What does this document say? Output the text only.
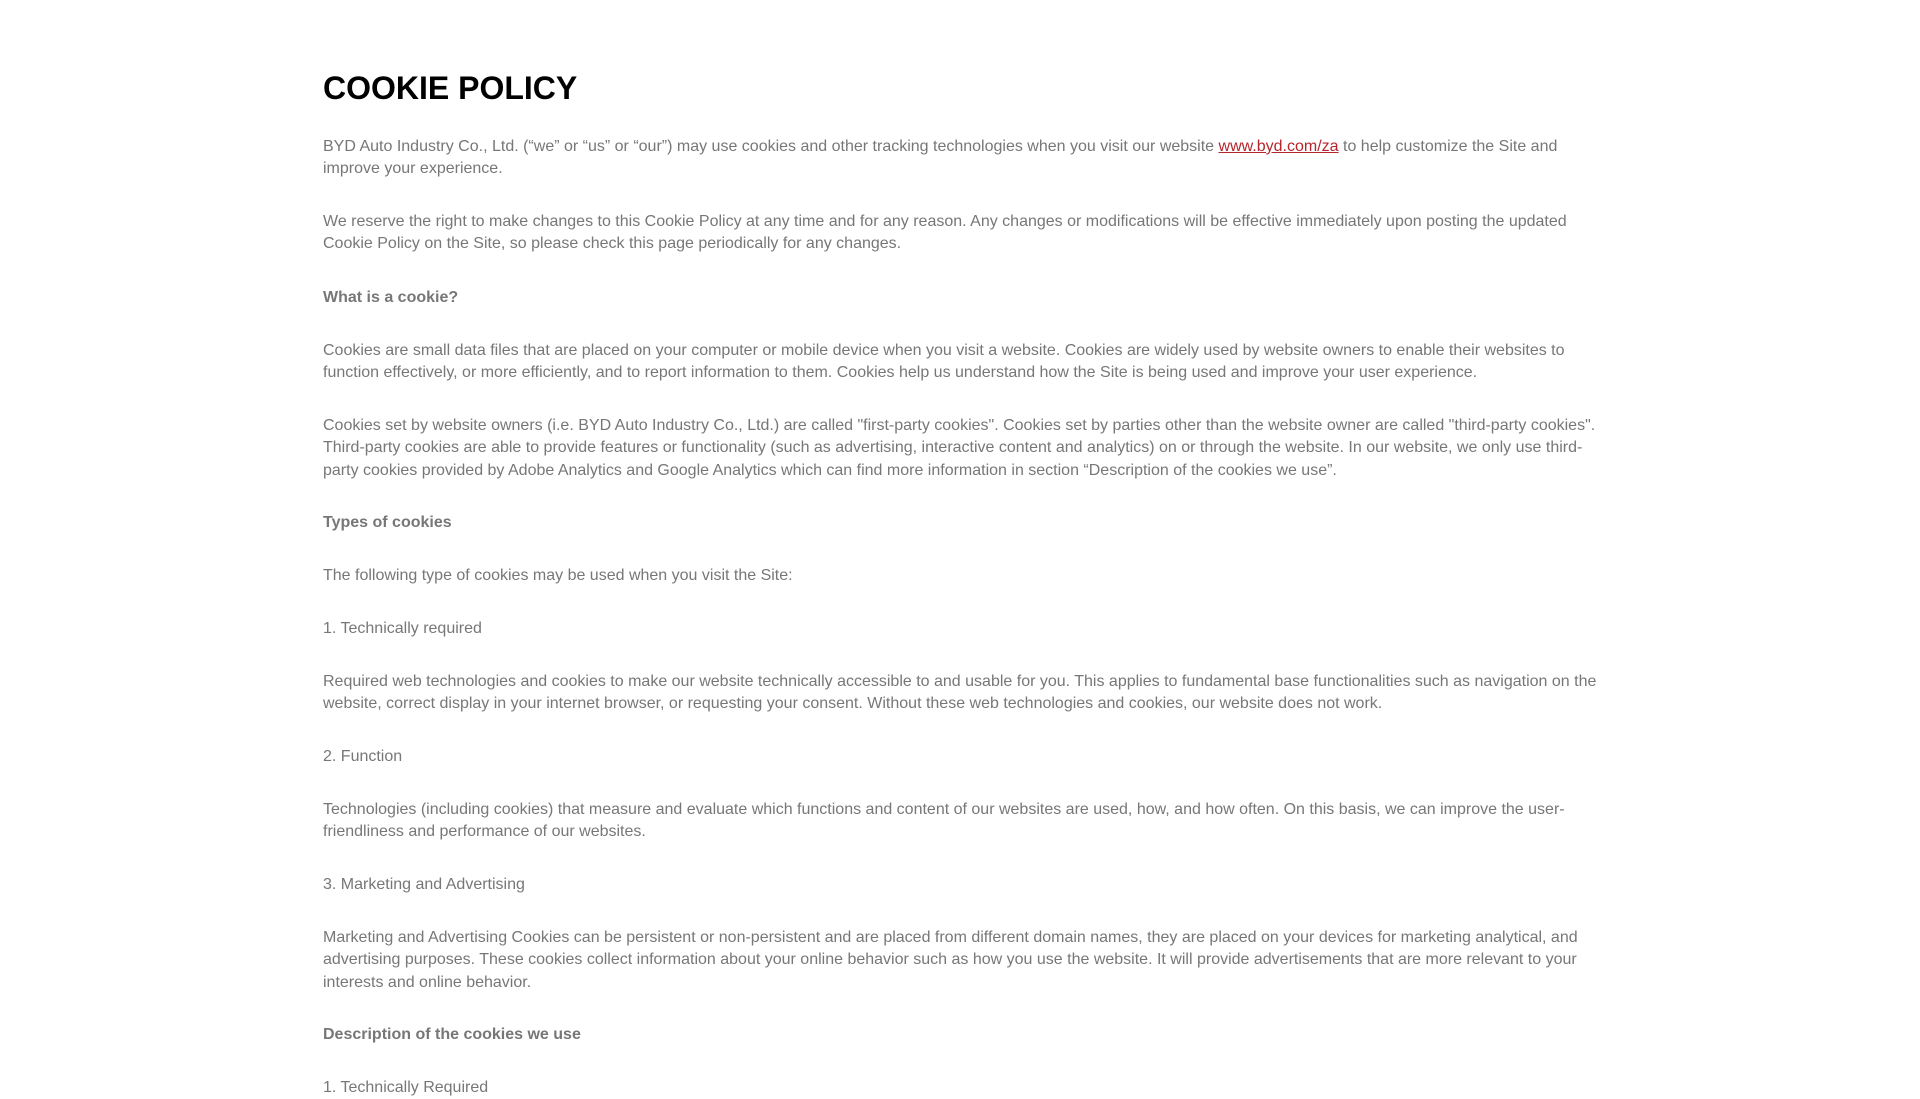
COOKIE POLICY

BYD Auto Industry Co., Ltd. (“we” or “us” or “our”) may use cookies and other tracking technologies when you visit our website www.byd.com/za to help customize the Site and improve your experience.

We reserve the right to make changes to this Cookie Policy at any time and for any reason. Any changes or modifications will be effective immediately upon posting the updated Cookie Policy on the Site, so please check this page periodically for any changes.

What is a cookie?

Cookies are small data files that are placed on your computer or mobile device when you visit a website. Cookies are widely used by website owners to enable their websites to function effectively, or more efficiently, and to report information to them. Cookies help us understand how the Site is being used and improve your user experience.

Cookies set by website owners (i.e. BYD Auto Industry Co., Ltd.) are called "first-party cookies". Cookies set by parties other than the website owner are called "third-party cookies". Third-party cookies are able to provide features or functionality (such as advertising, interactive content and analytics) on or through the website. In our website, we only use third-party cookies provided by Adobe Analytics and Google Analytics which can find more information in section “Description of the cookies we use”.

Types of cookies

The following type of cookies may be used when you visit the Site:

1. Technically required

Required web technologies and cookies to make our website technically accessible to and usable for you. This applies to fundamental base functionalities such as navigation on the website, correct display in your internet browser, or requesting your consent. Without these web technologies and cookies, our website does not work.

2. Function

Technologies (including cookies) that measure and evaluate which functions and content of our websites are used, how, and how often. On this basis, we can improve the user-friendliness and performance of our websites.

3. Marketing and Advertising

Marketing and Advertising Cookies can be persistent or non-persistent and are placed from different domain names, they are placed on your devices for marketing analytical, and advertising purposes. These cookies collect information about your online behavior such as how you use the website. It will provide advertisements that are more relevant to your interests and online behavior.

Description of the cookies we use

1. Technically Required
